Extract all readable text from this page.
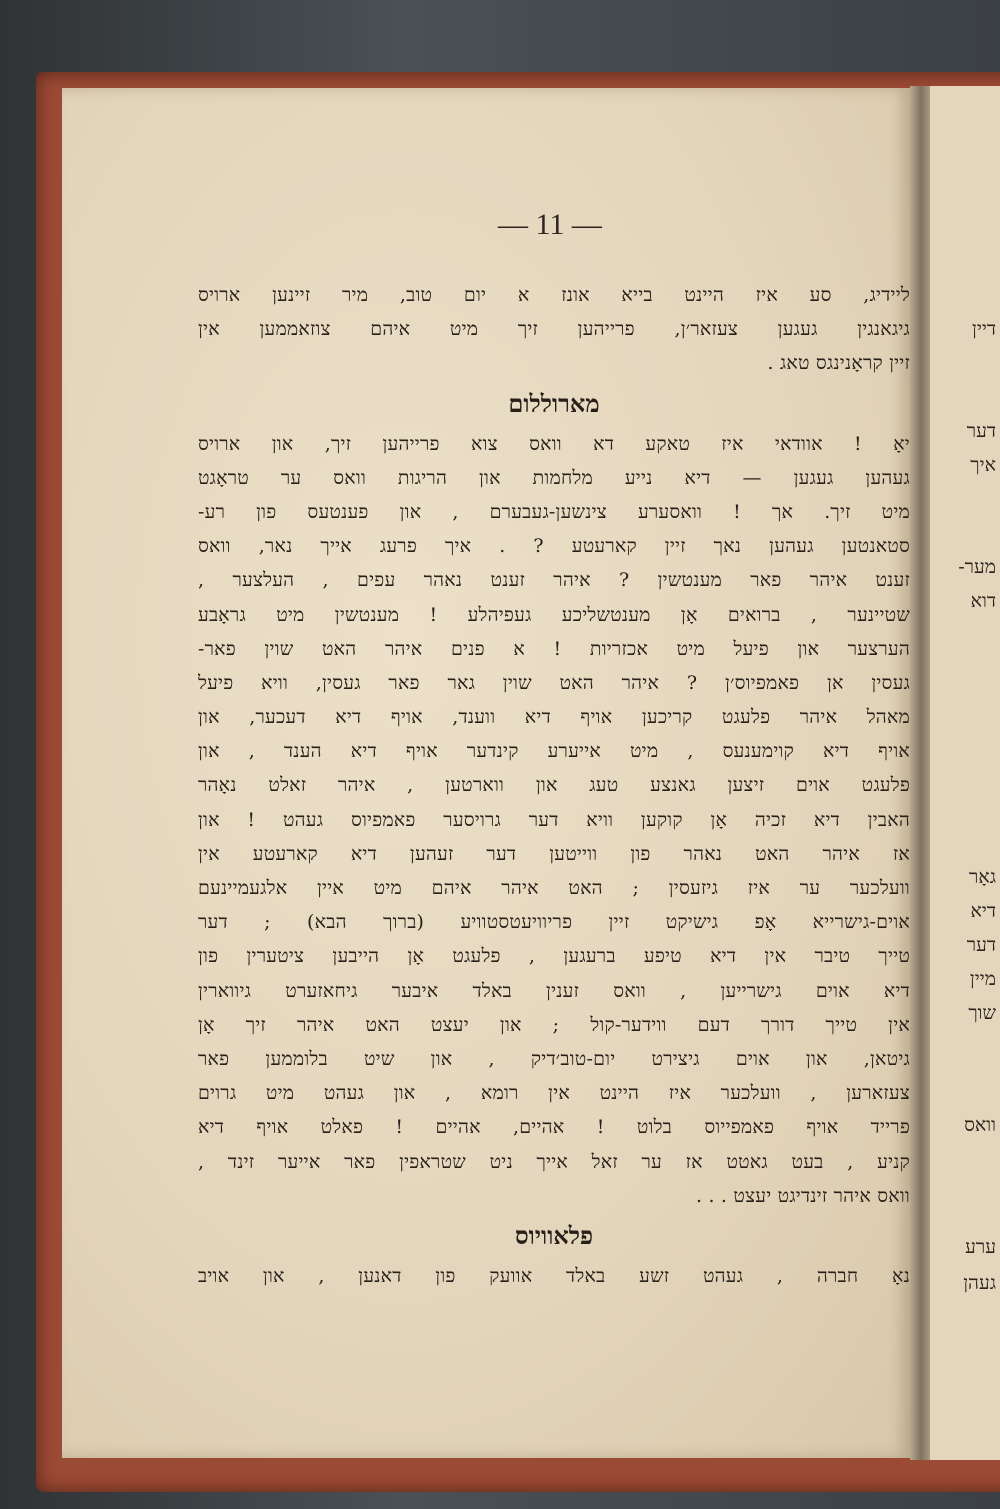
דיין
דער
איך
מער-
דוא
גאָר
דיא
דער
מיין
שוך
וואס
ערע
געהן
— 11 —
ליידיג, סע איז היינט בייא אונז א יום טוב, מיר זיינען ארויס
גיגאנגין געגען צעזאר׳ן, פרייהען זיך מיט איהם צוזאממען אין
זיין קראָנינגס טאג .
מארוללום
יאָ ! אוודאי איז טאקע דא וואס צוא פרייהען זיך, און ארויס
געהען געגען — דיא נייע מלחמות און הריגות וואס ער טראָגט
מיט זיך. אך ! וואסערע צינשען-געבערם , און פענטעס פון רע-
סטאנטען געהען נאך זיין קארעטע ? . איך פרעג אייך נאר, וואס
זענט איהר פאר מענטשין ? איהר זענט נאהר עפים , העלצער ,
שטיינער , ברואים אָן מענטשליכע געפיהלע ! מענטשין מיט גראָבע
הערצער און פיעל מיט אכזריות ! א פנים איהר האט שוין פאר-
געסין אן פאמפיוס׳ן ? איהר האט שוין גאר פאר געסין, וויא פיעל
מאהל איהר פלעגט קריכען אויף דיא ווענד, אויף דיא דעכער, און
אויף דיא קוימענעס , מיט אייערע קינדער אויף דיא הענד , און
פלעגט אוים זיצען גאנצע טעג און ווארטען , איהר זאלט נאָהר
האבין דיא זכיה אָן קוקען וויא דער גרויסער פאמפיוס געהט ! און
אז איהר האט נאהר פון ווייטען דער זעהען דיא קארעטע אין
וועלכער ער איז גיזעסין ; האט איהר איהם מיט איין אלגעמיינעם
אוים-גישרייא אָפ גישיקט זיין פריוויעטסטוויע (ברוך הבא) ; דער
טייך טיבר אין דיא טיפע ברעגען , פלעגט אָן הייבען ציטערין פון
דיא אוים גישרייען , וואס זענין באלד איבער גיחאזערט גיווארין
אין טייך דורך דעם ווידער-קול ; און יעצט האט איהר זיך אָן
גיטאן, און אוים גיצירט יום-טוב׳דיק , און שיט בלוממען פאר
צעזארען , וועלכער איז היינט אין רומא , און געהט מיט גרוים
פרייד אויף פאמפייוס בלוט ! אהיים, אהיים ! פאלט אויף דיא
קניע , בעט גאטט אז ער זאל אייך ניט שטראפין פאר אייער זינד ,
וואס איהר זינדיגט יעצט . . .
פלאוויוס
נאָ חברה , געהט זשע באלד אוועק פון דאנען , און אויב
